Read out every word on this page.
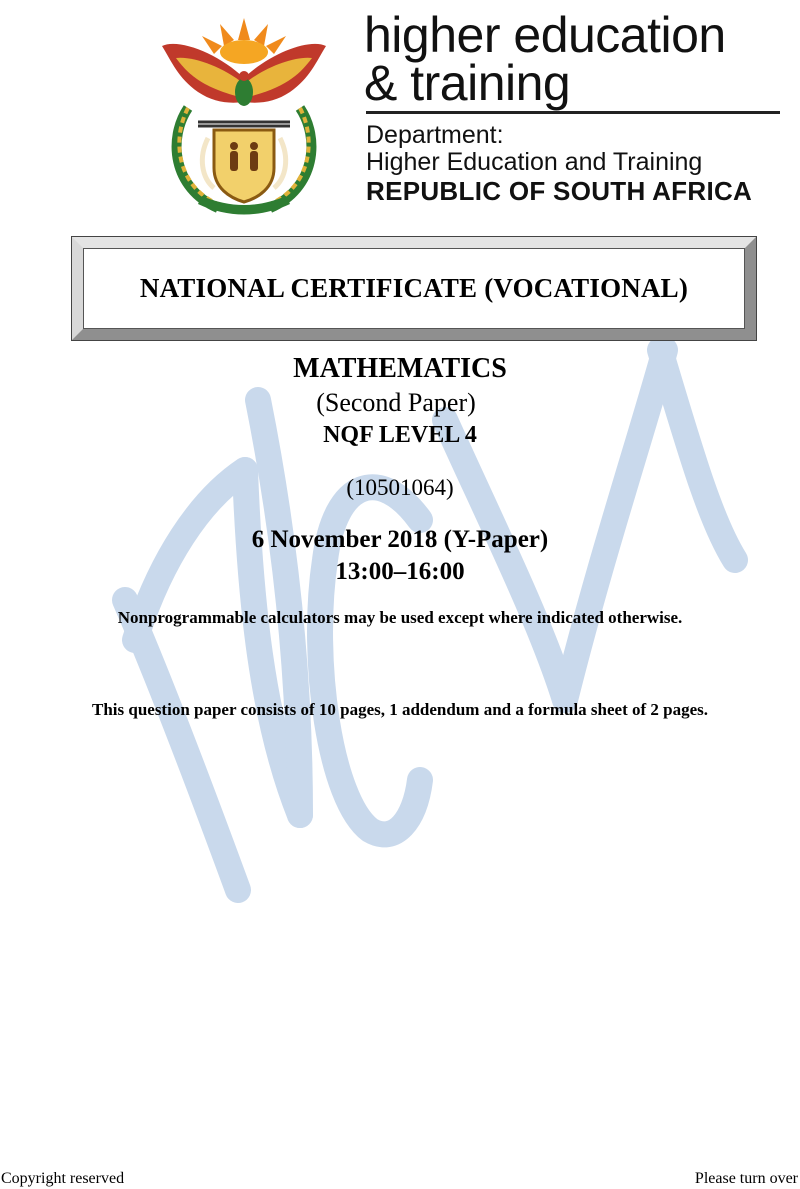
higher education
& training
Department:
Higher Education and Training
REPUBLIC OF SOUTH AFRICA
NATIONAL CERTIFICATE (VOCATIONAL)
MATHEMATICS
(Second Paper)
NQF LEVEL 4
(10501064)
6 November 2018 (Y-Paper)
13:00–16:00
Nonprogrammable calculators may be used except where indicated otherwise.
This question paper consists of 10 pages, 1 addendum and a formula sheet of 2 pages.
Copyright reserved	Please turn over
